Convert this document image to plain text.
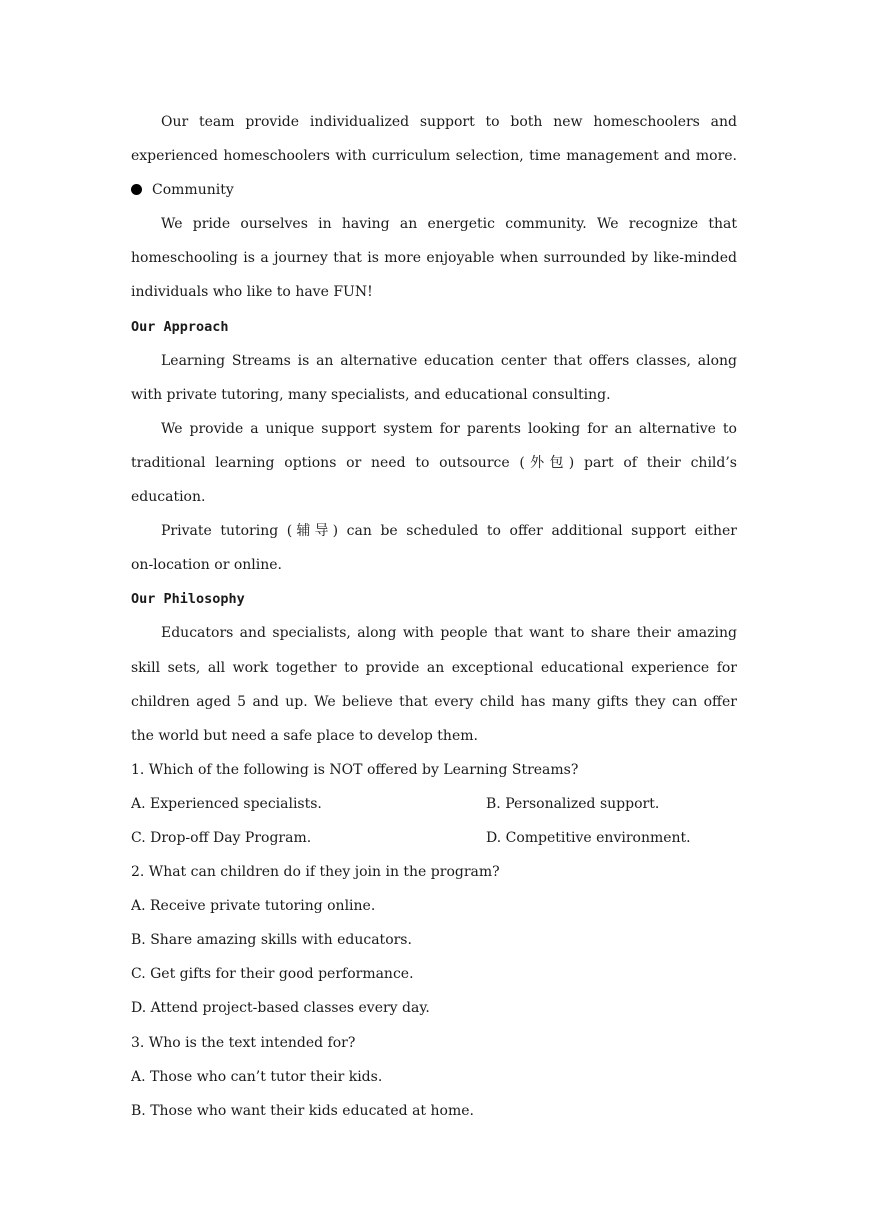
Our team provide individualized support to both new homeschoolers and
experienced homeschoolers with curriculum selection, time management and more.
Community
We pride ourselves in having an energetic community. We recognize that
homeschooling is a journey that is more enjoyable when surrounded by like-minded
individuals who like to have FUN!
Our Approach
Learning Streams is an alternative education center that offers classes, along
with private tutoring, many specialists, and educational consulting.
We provide a unique support system for parents looking for an alternative to
traditional learning options or need to outsource (外包) part of their child’s
education.
Private tutoring (辅导) can be scheduled to offer additional support either
on-location or online.
Our Philosophy
Educators and specialists, along with people that want to share their amazing
skill sets, all work together to provide an exceptional educational experience for
children aged 5 and up. We believe that every child has many gifts they can offer
the world but need a safe place to develop them.
1. Which of the following is NOT offered by Learning Streams?
A. Experienced specialists.	B. Personalized support.
C. Drop-off Day Program.	D. Competitive environment.
2. What can children do if they join in the program?
A. Receive private tutoring online.
B. Share amazing skills with educators.
C. Get gifts for their good performance.
D. Attend project-based classes every day.
3. Who is the text intended for?
A. Those who can’t tutor their kids.
B. Those who want their kids educated at home.
